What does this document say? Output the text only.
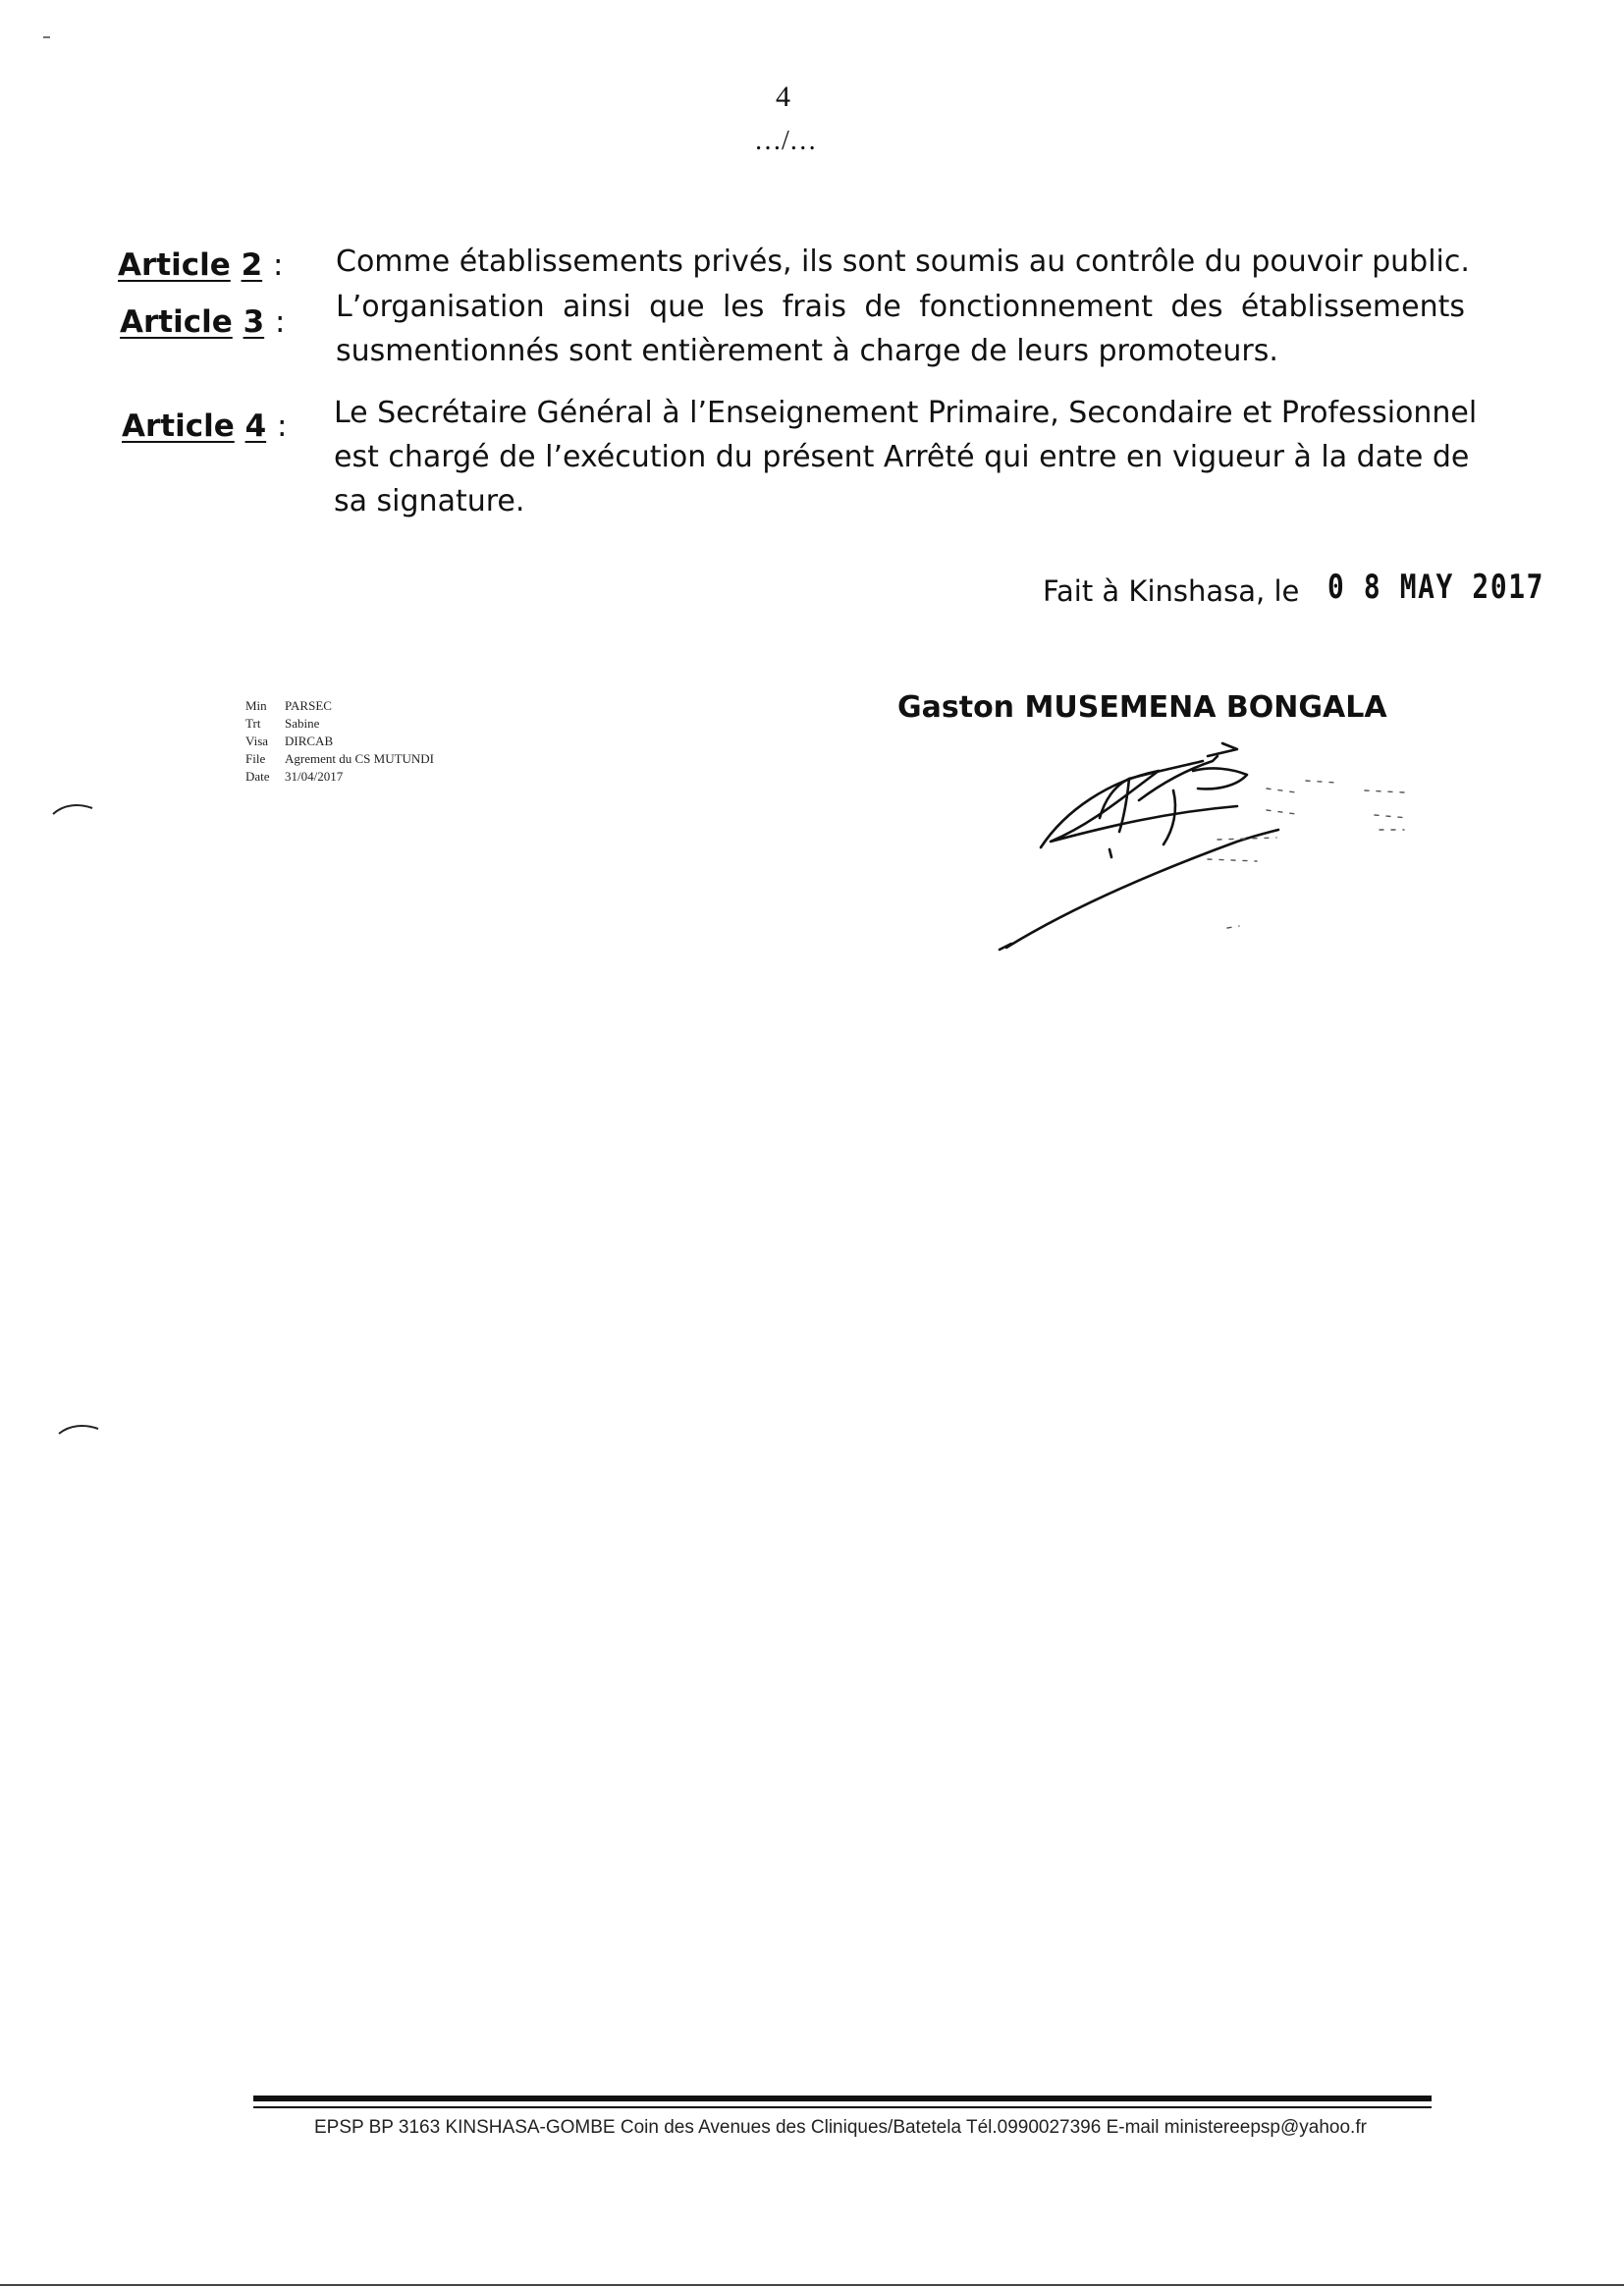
4
…/…
Article 2 : Comme établissements privés, ils sont soumis au contrôle du pouvoir public.
Article 3 : L’organisation ainsi que les frais de fonctionnement des établissements
susmentionnés sont entièrement à charge de leurs promoteurs.
Article 4 : Le Secrétaire Général à l’Enseignement Primaire, Secondaire et Professionnel
est chargé de l’exécution du présent Arrêté qui entre en vigueur à la date de
sa signature.
Fait à Kinshasa, le 0 8 MAY 2017
Gaston MUSEMENA BONGALA
Min PARSEC
Trt Sabine
Visa DIRCAB
File Agrement du CS MUTUNDI
Date 31/04/2017
EPSP BP 3163 KINSHASA-GOMBE Coin des Avenues des Cliniques/Batetela Tél.0990027396 E-mail ministereepsp@yahoo.fr
